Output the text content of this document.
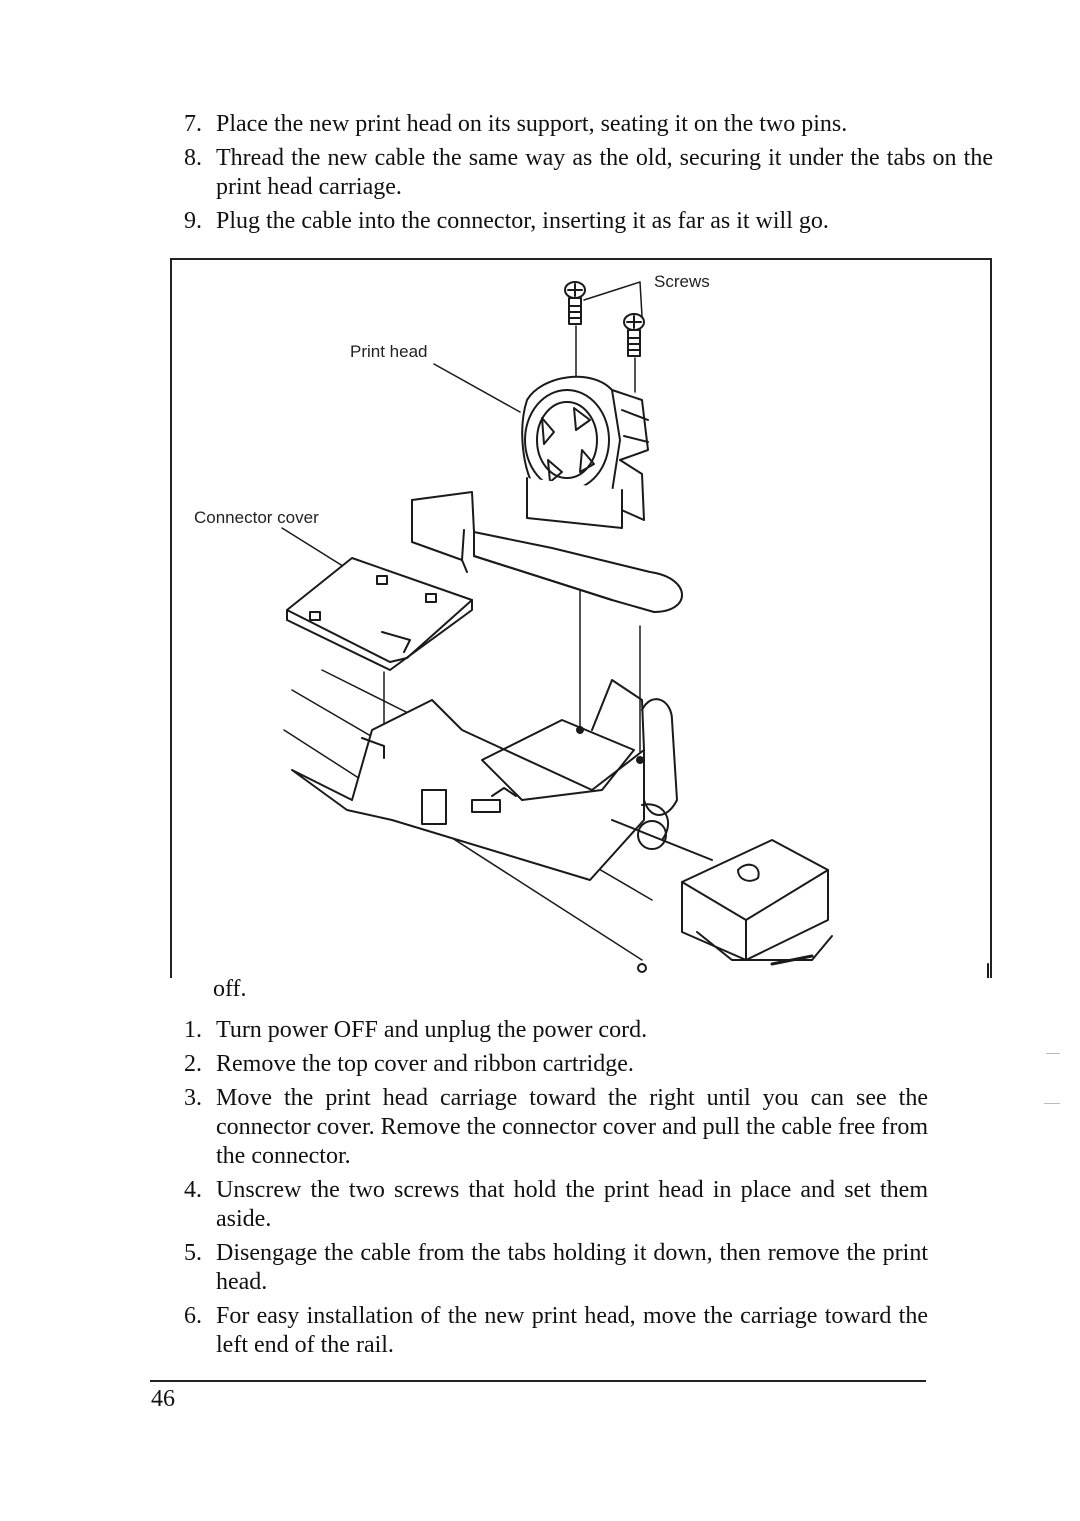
7. Place the new print head on its support, seating it on the two pins.
8. Thread the new cable the same way as the old, securing it under the tabs on the print head carriage.
9. Plug the cable into the connector, inserting it as far as it will go.
Screws
Print head
Connector cover
off.
1. Turn power OFF and unplug the power cord.
2. Remove the top cover and ribbon cartridge.
3. Move the print head carriage toward the right until you can see the connector cover. Remove the connector cover and pull the cable free from the connector.
4. Unscrew the two screws that hold the print head in place and set them aside.
5. Disengage the cable from the tabs holding it down, then remove the print head.
6. For easy installation of the new print head, move the carriage toward the left end of the rail.
46
